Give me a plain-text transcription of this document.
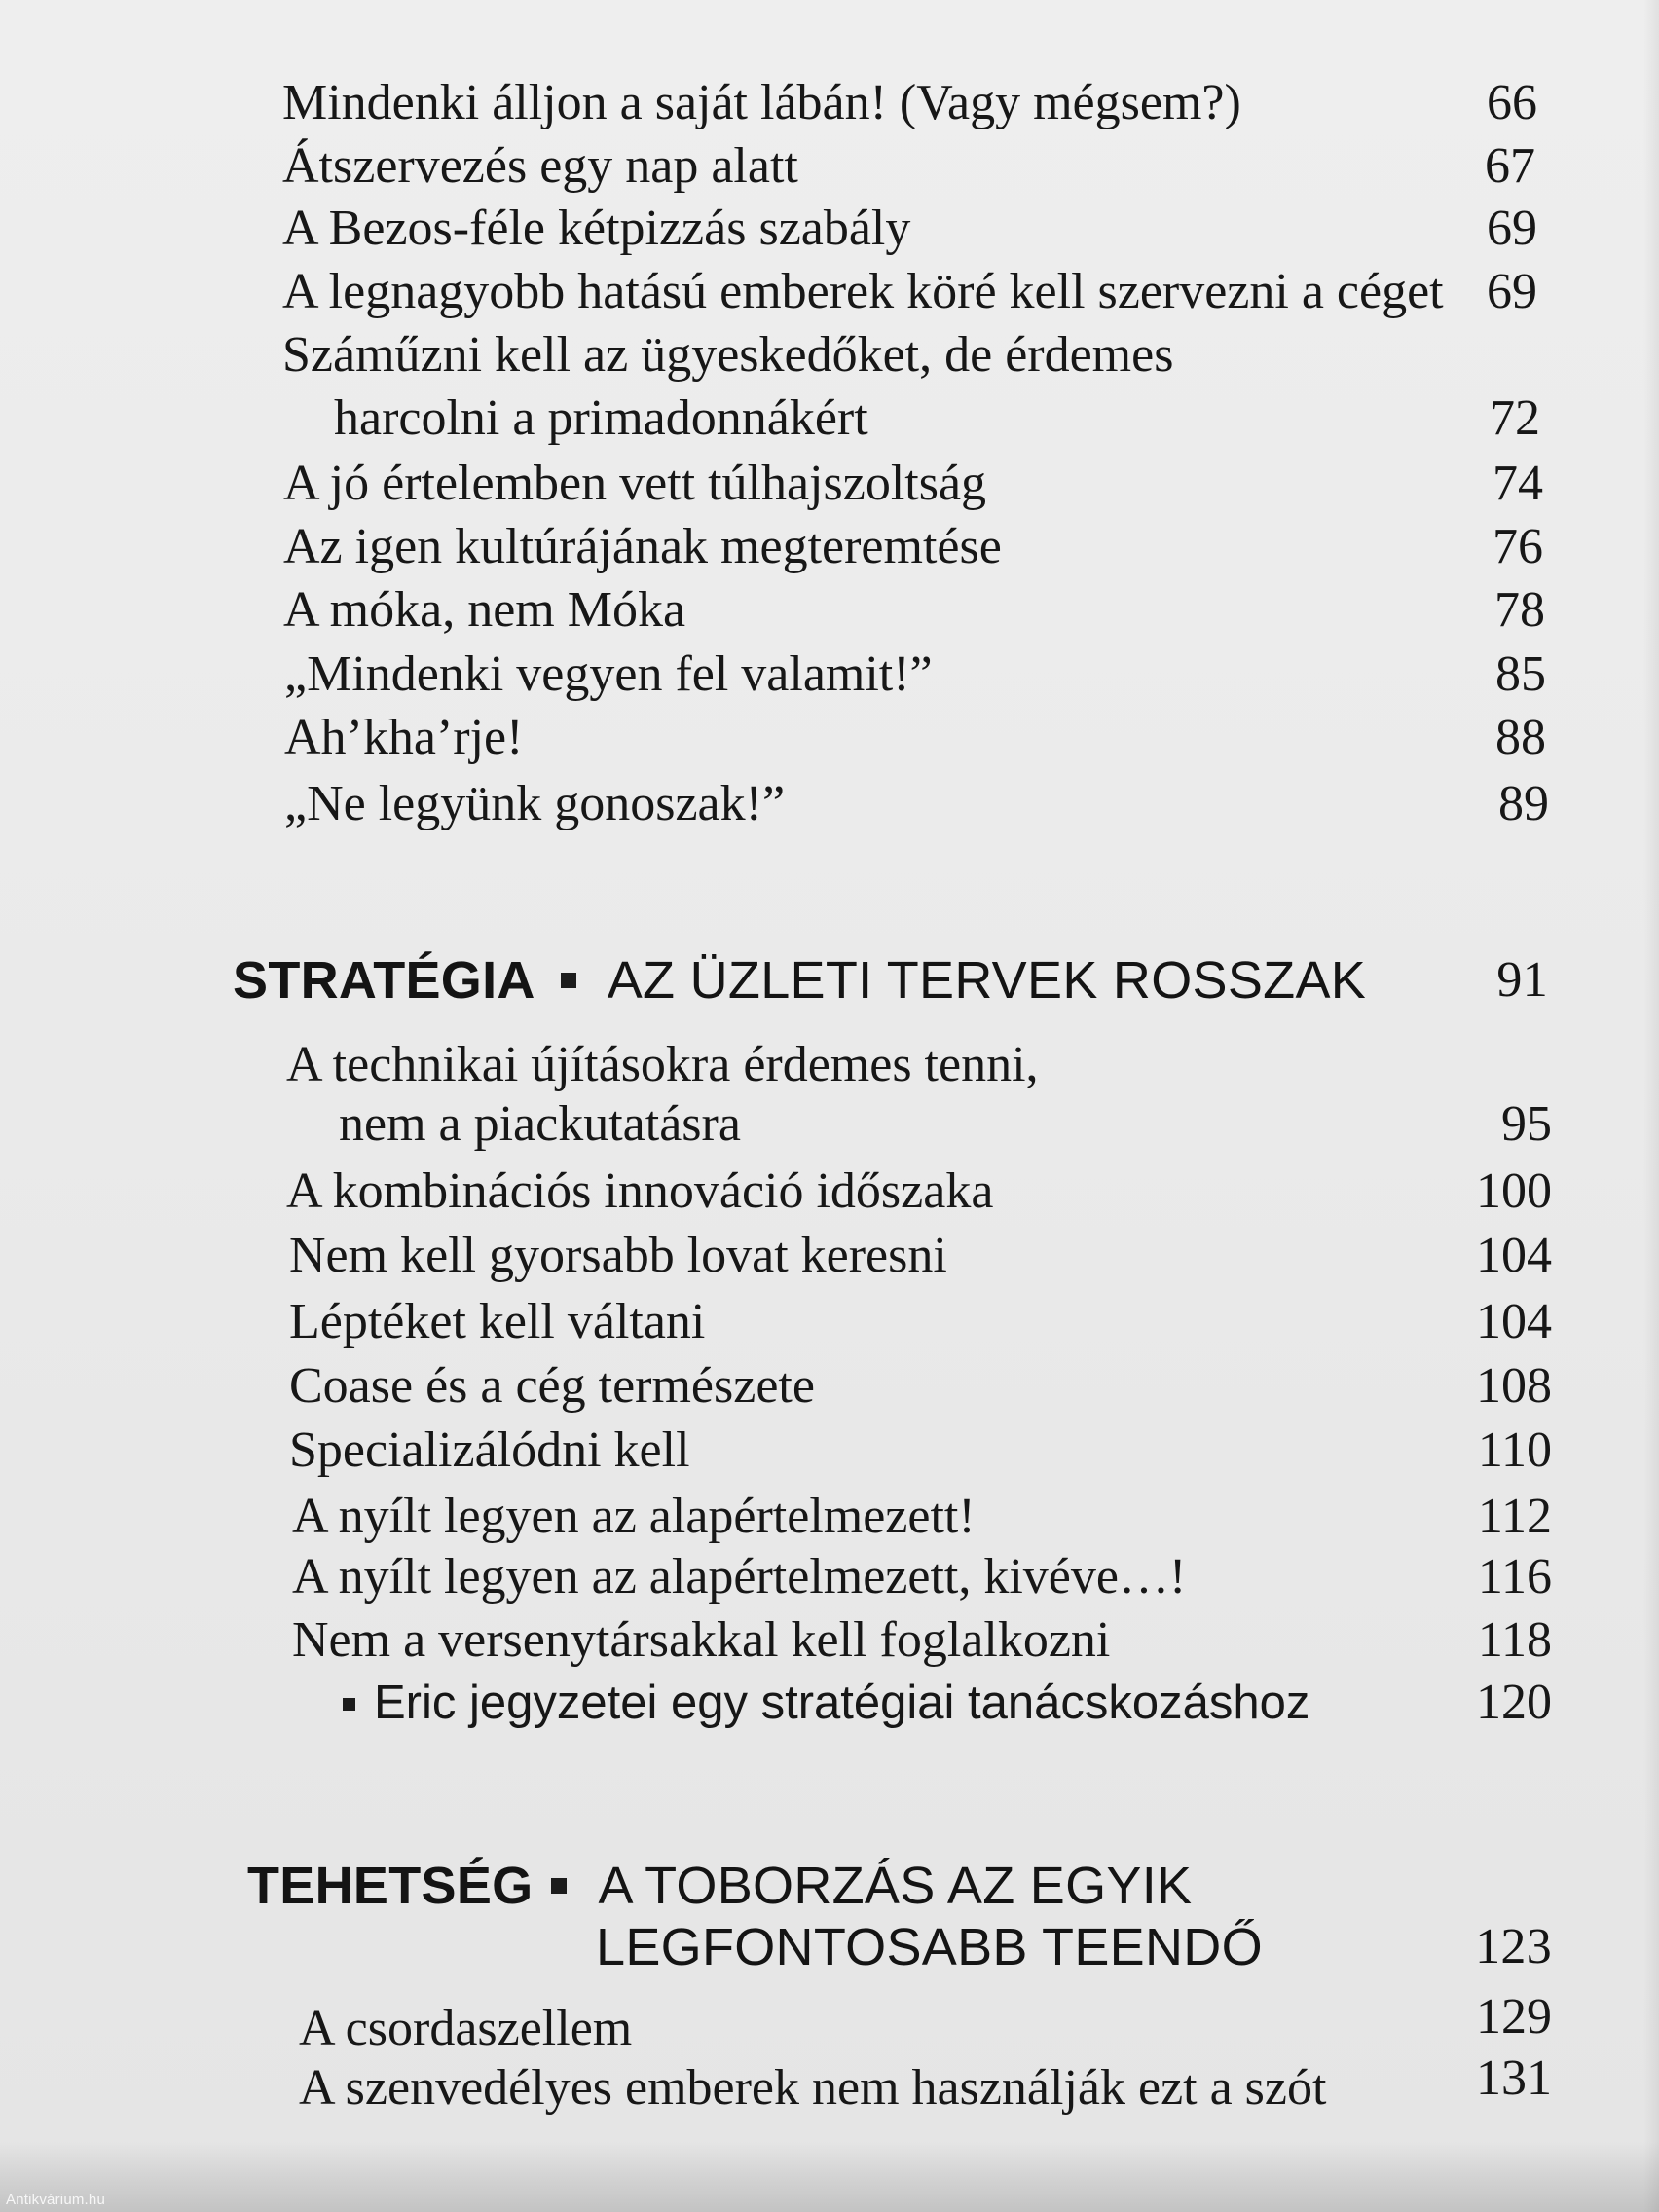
Mindenki álljon a saját lábán! (Vagy mégsem?)	66
Átszervezés egy nap alatt	67
A Bezos-féle kétpizzás szabály	69
A legnagyobb hatású emberek köré kell szervezni a céget 69
Száműzni kell az ügyeskedőket, de érdemes
harcolni a primadonnákért	72
A jó értelemben vett túlhajszoltság	74
Az igen kultúrájának megteremtése	76
A móka, nem Móka	78
„Mindenki vegyen fel valamit!”	85
Ah’kha’rje!	88
„Ne legyünk gonoszak!”	89
STRATÉGIA AZ ÜZLETI TERVEK ROSSZAK	91
A technikai újításokra érdemes tenni,
nem a piackutatásra	95
A kombinációs innováció időszaka	100
Nem kell gyorsabb lovat keresni	104
Léptéket kell váltani	104
Coase és a cég természete	108
Specializálódni kell	110
A nyílt legyen az alapértelmezett!	112
A nyílt legyen az alapértelmezett, kivéve…!	116
Nem a versenytársakkal kell foglalkozni	118
Eric jegyzetei egy stratégiai tanácskozáshoz	120
TEHETSÉG A TOBORZÁS AZ EGYIK
LEGFONTOSABB TEENDŐ	123
A csordaszellem	129
A szenvedélyes emberek nem használják ezt a szót	131
Antikvárium.hu
